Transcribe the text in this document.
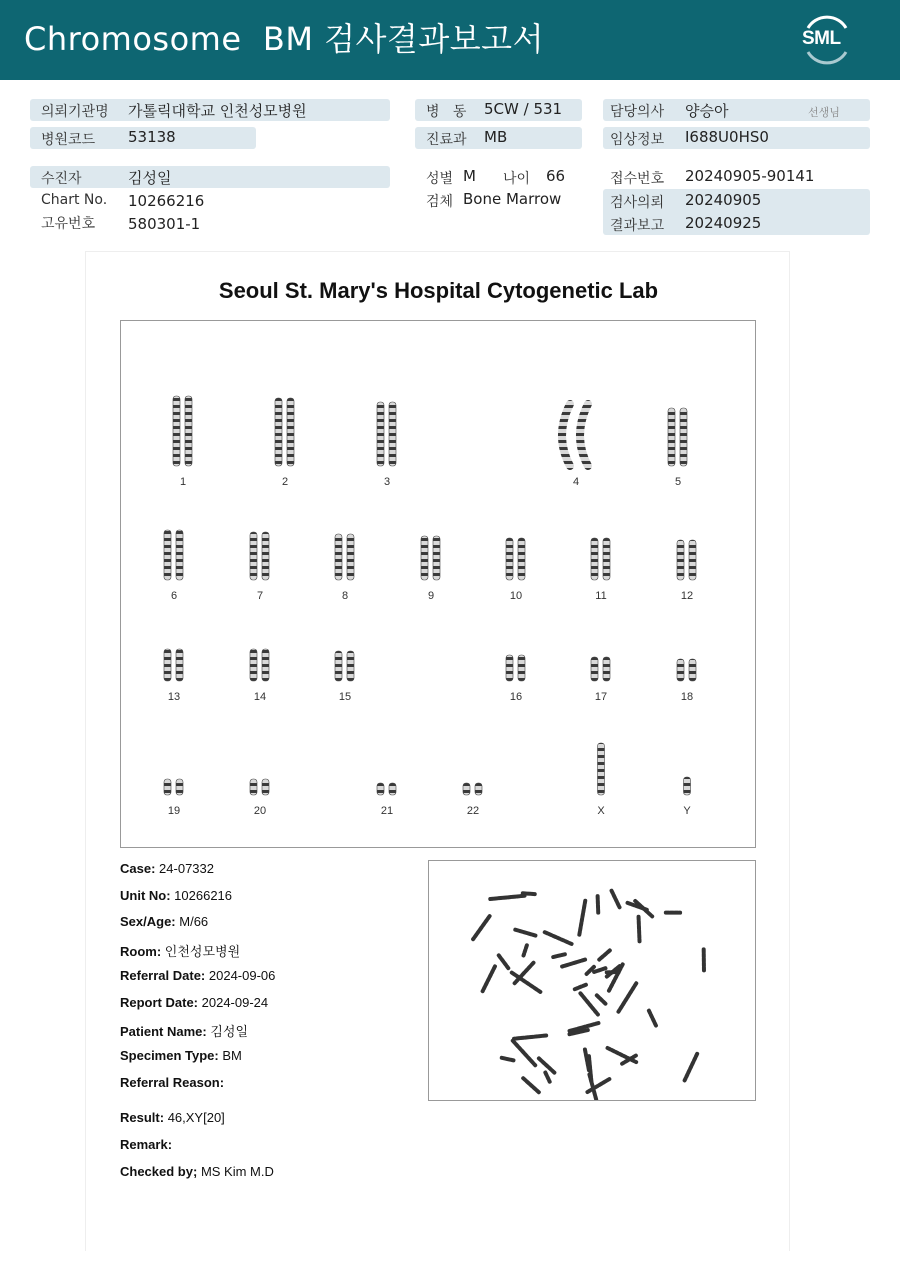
Chromosome  BM 검사결과보고서	SML
의뢰기관명 가톨릭대학교 인천성모병원
병원코드 53138
수진자	김성일
Chart No. 10266216
고유번호 580301-1
병   동 5CW / 531
진료과 MB
성별 M 나이 66
검체 Bone Marrow
담당의사 양승아	선생님
임상정보 I688U0HS0
접수번호 20240905-90141
검사의뢰 20240905
결과보고 20240925
Seoul St. Mary's Hospital Cytogenetic Lab
1	2	3	4	5
6	7	8	9	10	11	12
13	14	15	16	17	18
19	20	21	22	X	Y
Case: 24-07332
Unit No: 10266216
Sex/Age: M/66
Room: 인천성모병원
Referral Date: 2024-09-06
Report Date: 2024-09-24
Patient Name: 김성일
Specimen Type: BM
Referral Reason:
Result: 46,XY[20]
Remark:
Checked by; MS Kim M.D
